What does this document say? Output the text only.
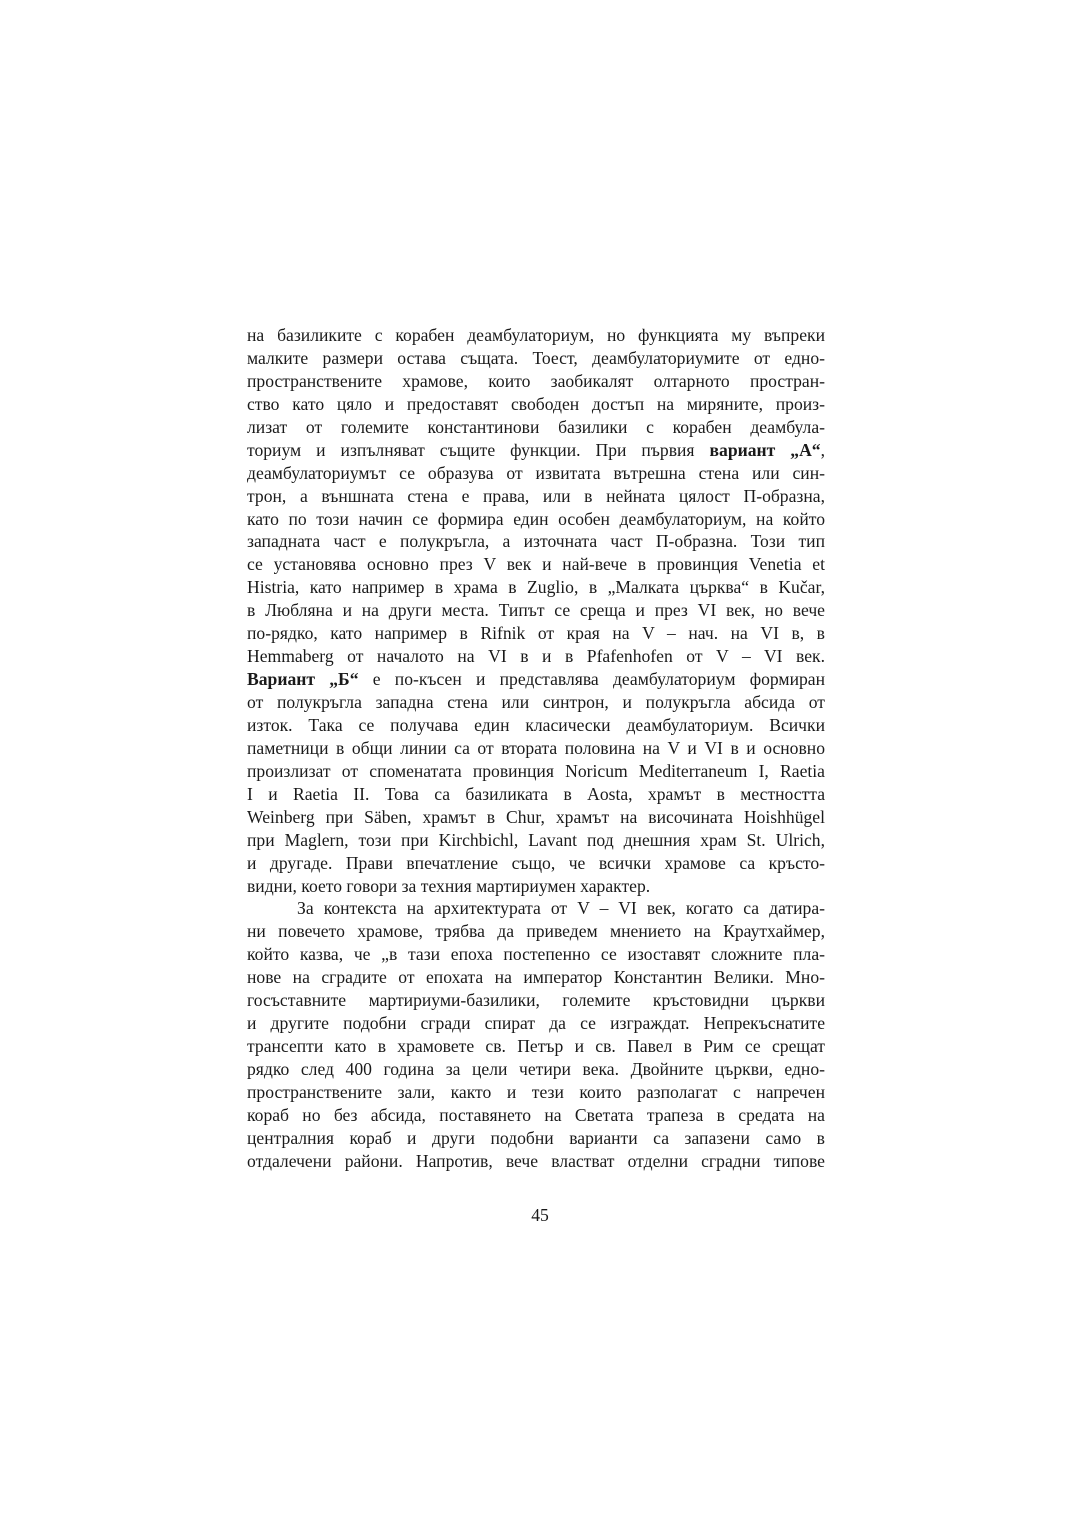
на базиликите с корабен деамбулаториум, но функцията му въпреки
малките размери остава същата. Тоест, деамбулаториумите от едно-
пространствените храмове, които заобикалят олтарното простран-
ство като цяло и предоставят свободен достъп на миряните, произ-
лизат от големите константинови базилики с корабен деамбула-
ториум и изпълняват същите функции. При първия вариант „А“,
деамбулаториумът се образува от извитата вътрешна стена или син-
трон, а външната стена е права, или в нейната цялост П-образна,
като по този начин се формира един особен деамбулаториум, на който
западната част е полукръгла, а източната част П-образна. Този тип
се установява основно през V век и най-вече в провинция Venetia et
Histria, като например в храма в Zuglio, в „Малката църква“ в Kučar,
в Любляна и на други места. Типът се среща и през VI век, но вече
по-рядко, като например в Rifnik от края на V – нач. на VI в, в
Hemmaberg от началото на VI в и в Pfafenhofen от V – VI век.
Вариант „Б“ е по-късен и представлява деамбулаториум формиран
от полукръгла западна стена или синтрон, и полукръгла абсида от
изток. Така се получава един класически деамбулаториум. Всички
паметници в общи линии са от втората половина на V и VI в и основно
произлизат от споменатата провинция Noricum Mediterraneum I, Raetia
I и Raetia II. Това са базиликата в Aosta, храмът в местността
Weinberg при Säben, храмът в Chur, храмът на височината Hoishhügel
при Maglern, този при Kirchbichl, Lavant под днешния храм St. Ulrich,
и другаде. Прави впечатление също, че всички храмове са кръсто-
видни, което говори за техния мартириумен характер.
За контекста на архитектурата от V – VI век, когато са датира-
ни повечето храмове, трябва да приведем мнението на Краутхаймер,
който казва, че „в тази епоха постепенно се изоставят сложните пла-
нове на сградите от епохата на император Константин Велики. Мно-
госъставните мартириуми-базилики, големите кръстовидни църкви
и другите подобни сгради спират да се изграждат. Непрекъснатите
трансепти като в храмовете св. Петър и св. Павел в Рим се срещат
рядко след 400 година за цели четири века. Двойните църкви, едно-
пространствените зали, както и тези които разполагат с напречен
кораб но без абсида, поставянето на Светата трапеза в средата на
централния кораб и други подобни варианти са запазени само в
отдалечени райони. Напротив, вече властват отделни сградни типове
45
